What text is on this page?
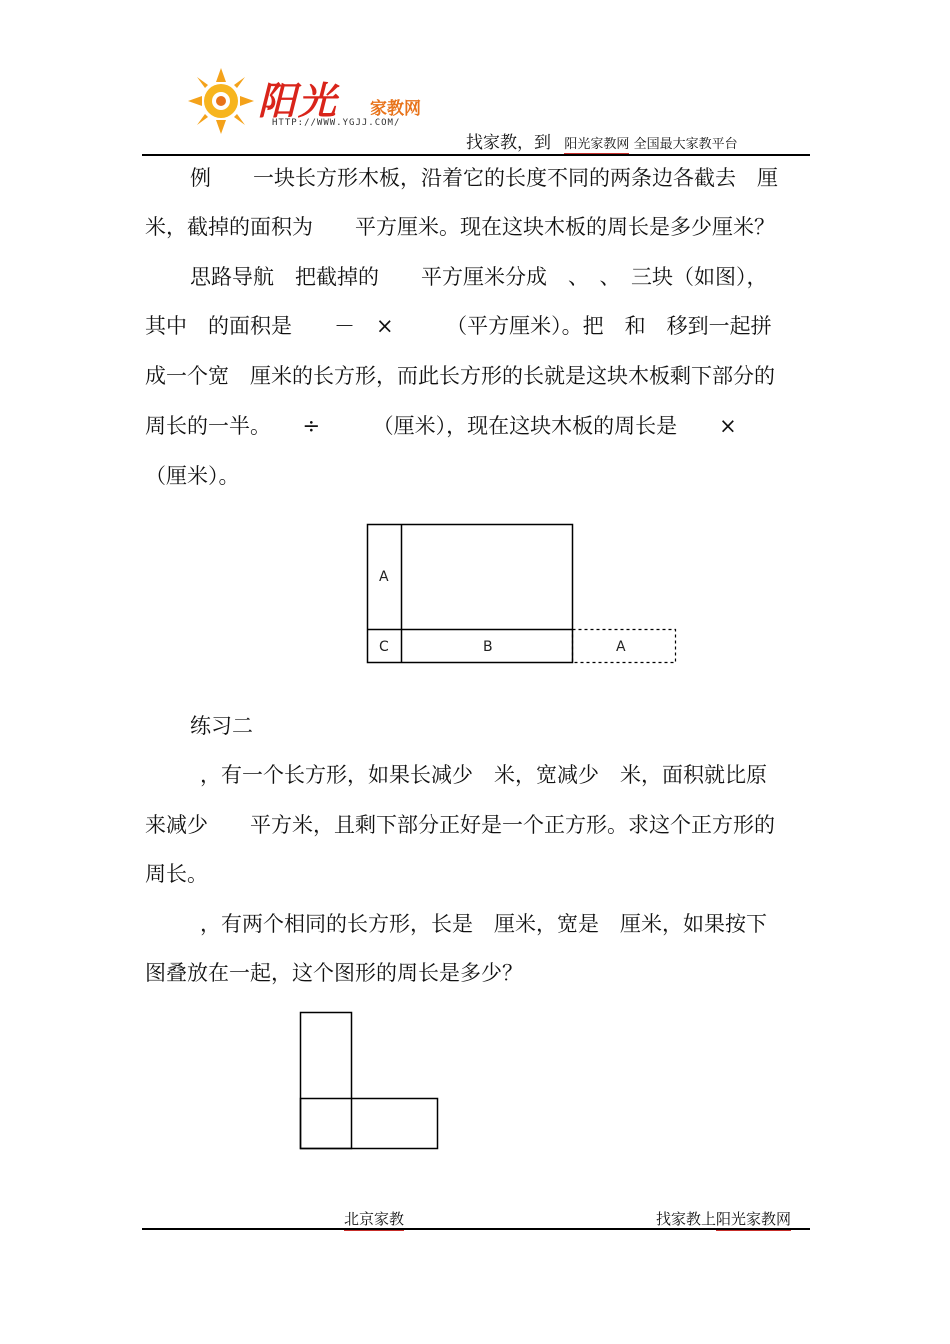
阳光 家教网
HTTP://WWW.YGJJ.COM/
找家教，到 阳光家教网 全国最大家教平台
例　　一块长方形木板，沿着它的长度不同的两条边各截去　厘
米，截掉的面积为　　平方厘米。现在这块木板的周长是多少厘米？
思路导航　把截掉的　　平方厘米分成　、　、　三块（如图），
其中　的面积是　　－　×　　　（平方厘米）。把　和　移到一起拼
成一个宽　厘米的长方形，而此长方形的长就是这块木板剩下部分的
周长的一半。　　÷　　　（厘米），现在这块木板的周长是　　×
（厘米）。
A
C	B	A
练习二
，有一个长方形，如果长减少　米，宽减少　米，面积就比原
来减少　　平方米，且剩下部分正好是一个正方形。求这个正方形的
周长。
，有两个相同的长方形，长是　厘米，宽是　厘米，如果按下
图叠放在一起，这个图形的周长是多少？
北京家教	找家教上阳光家教网
